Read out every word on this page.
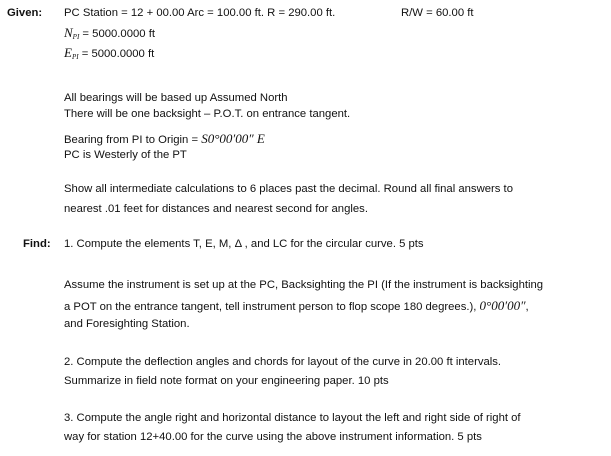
Given: PC Station = 12 + 00.00 Arc = 100.00 ft. R = 290.00 ft.	R/W = 60.00 ft
$N_{PI} = 5000.0000$ ft
$E_{PI} = 5000.0000$ ft
All bearings will be based up Assumed North
There will be one backsight – P.O.T. on entrance tangent.
Bearing from PI to Origin = S0°00′00″ E
PC is Westerly of the PT
Show all intermediate calculations to 6 places past the decimal. Round all final answers to
nearest .01 feet for distances and nearest second for angles.
Find: 1. Compute the elements T, E, M, Δ , and LC for the circular curve. 5 pts
Assume the instrument is set up at the PC, Backsighting the PI (If the instrument is backsighting
a POT on the entrance tangent, tell instrument person to flop scope 180 degrees.), 0°00′00″,
and Foresighting Station.
2. Compute the deflection angles and chords for layout of the curve in 20.00 ft intervals.
Summarize in field note format on your engineering paper. 10 pts
3. Compute the angle right and horizontal distance to layout the left and right side of right of
way for station 12+40.00 for the curve using the above instrument information. 5 pts
